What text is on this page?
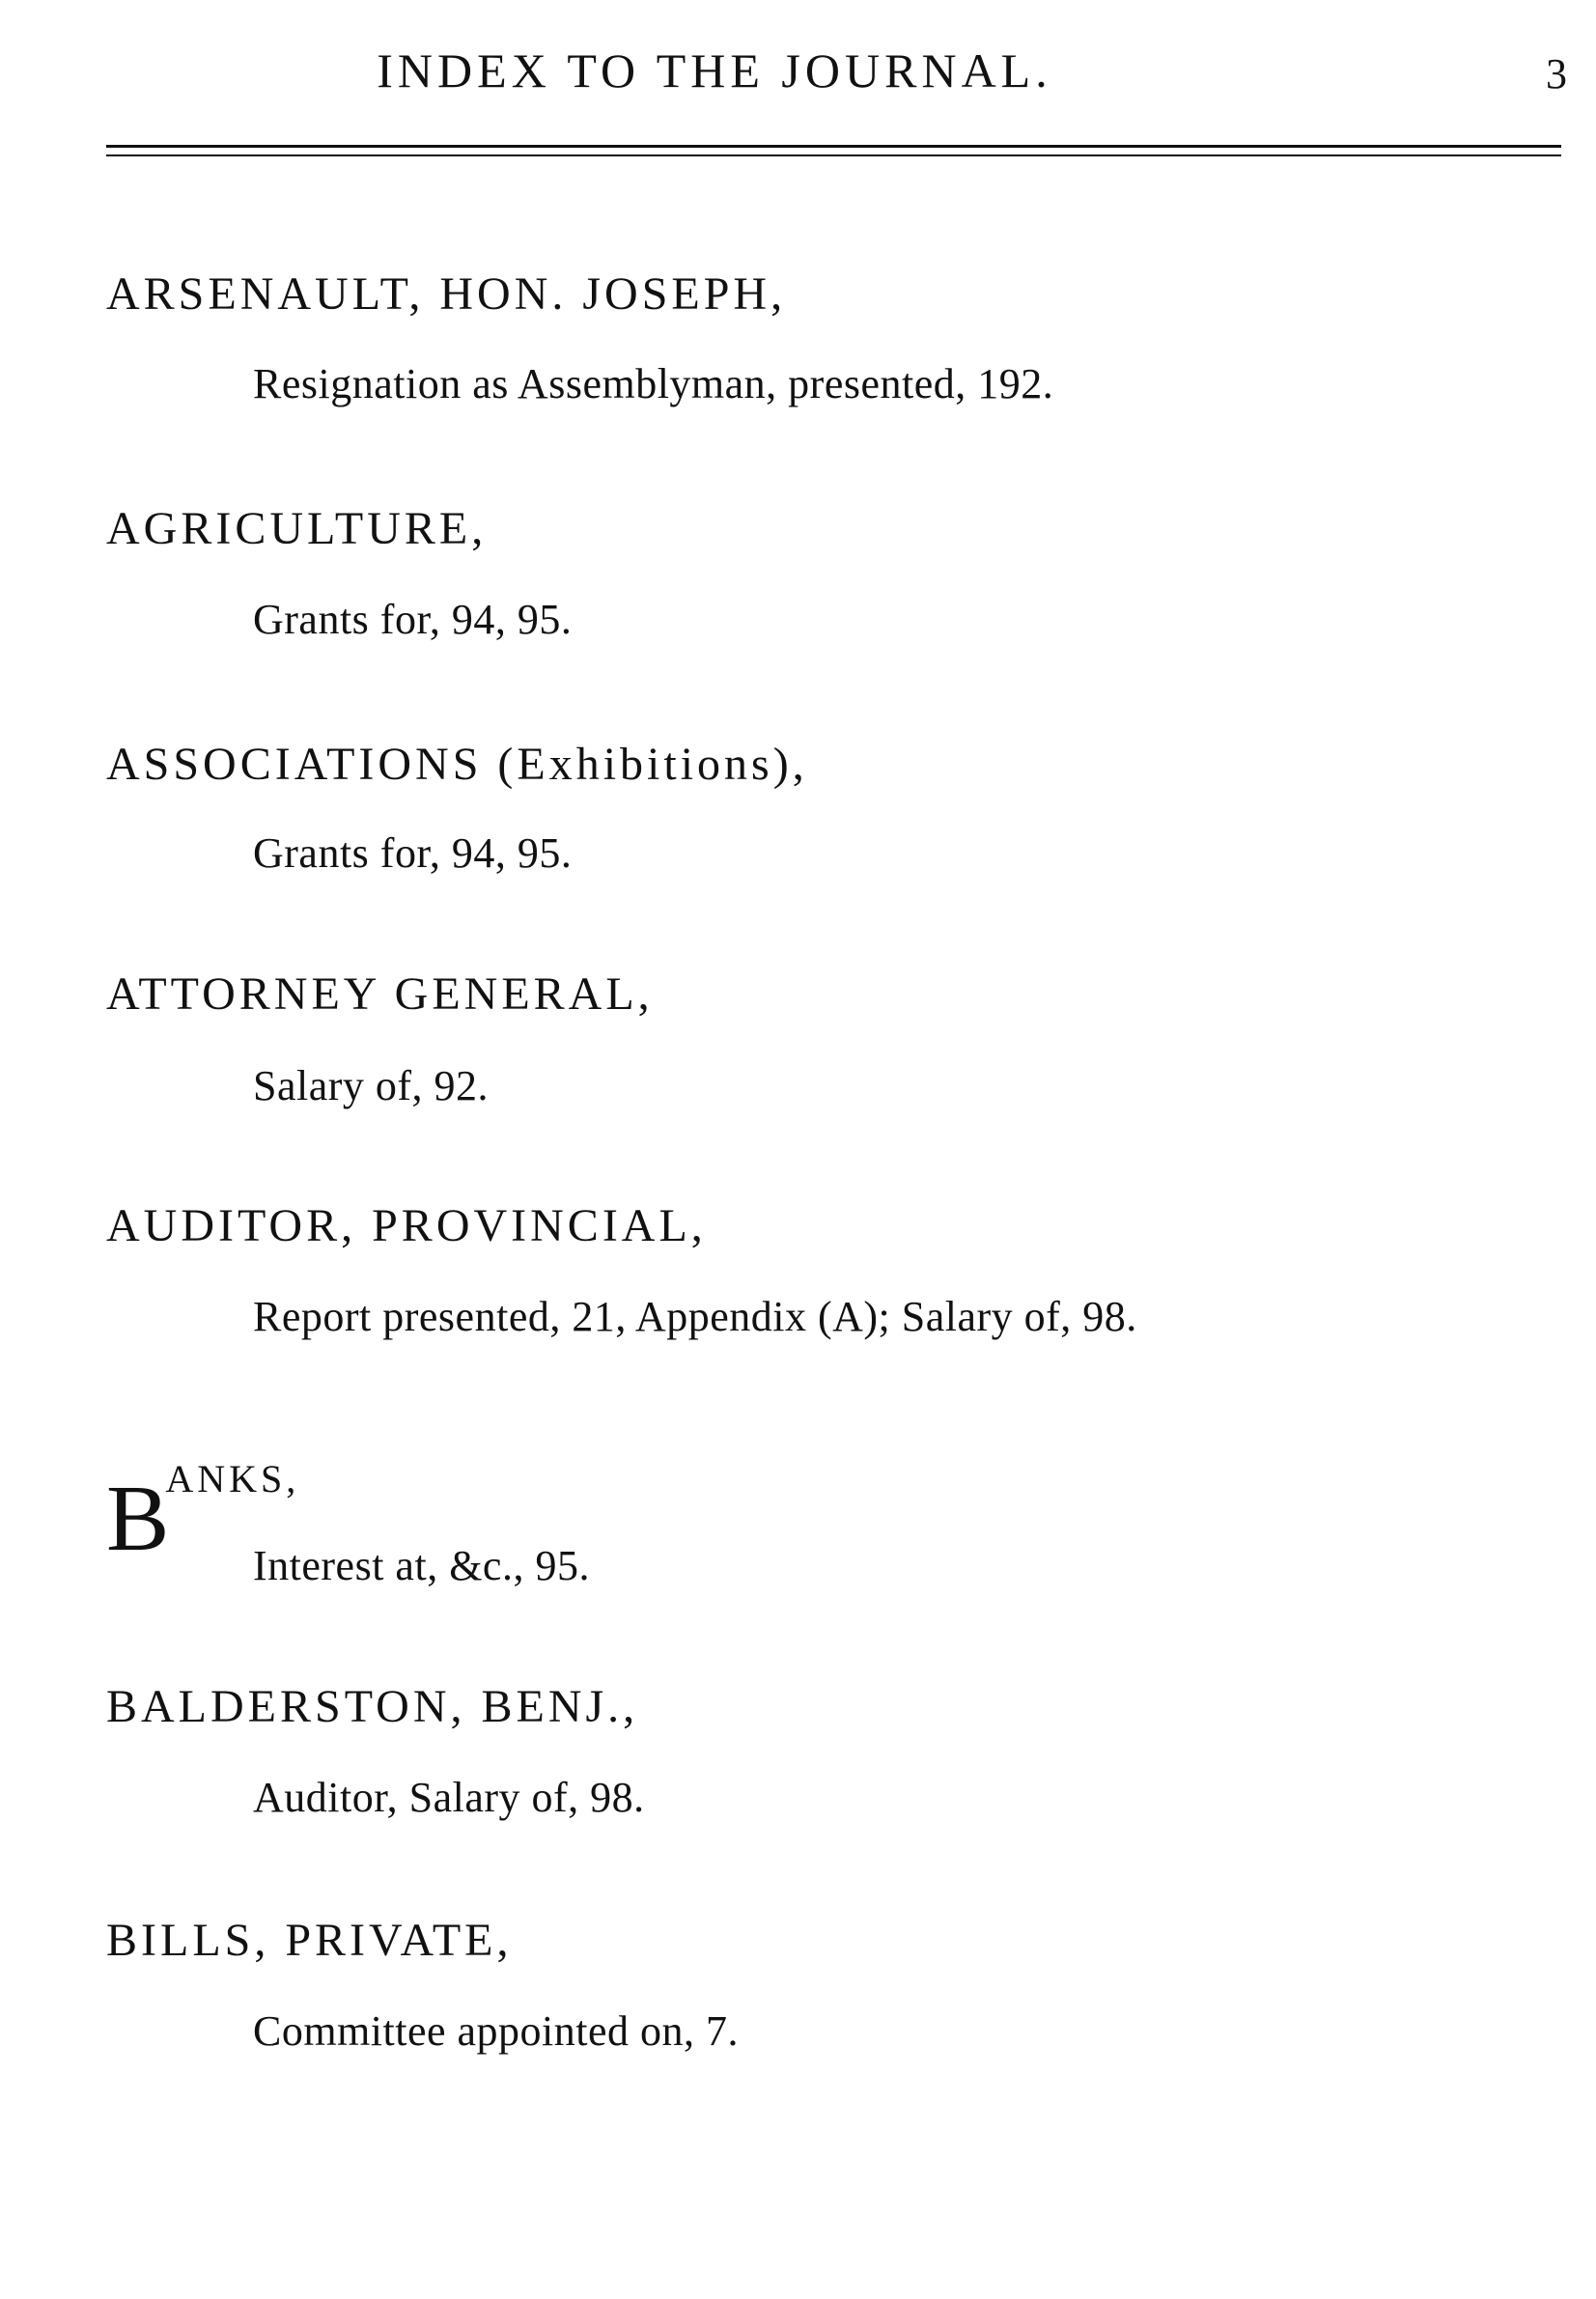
INDEX TO THE JOURNAL.	3
ARSENAULT, HON. JOSEPH,
Resignation as Assemblyman, presented, 192.
AGRICULTURE,
Grants for, 94, 95.
ASSOCIATIONS (Exhibitions),
Grants for, 94, 95.
ATTORNEY GENERAL,
Salary of, 92.
AUDITOR, PROVINCIAL,
Report presented, 21, Appendix (A); Salary of, 98.
$B^{ANKS,}$
Interest at, &c., 95.
BALDERSTON, BENJ.,
Auditor, Salary of, 98.
BILLS, PRIVATE,
Committee appointed on, 7.
